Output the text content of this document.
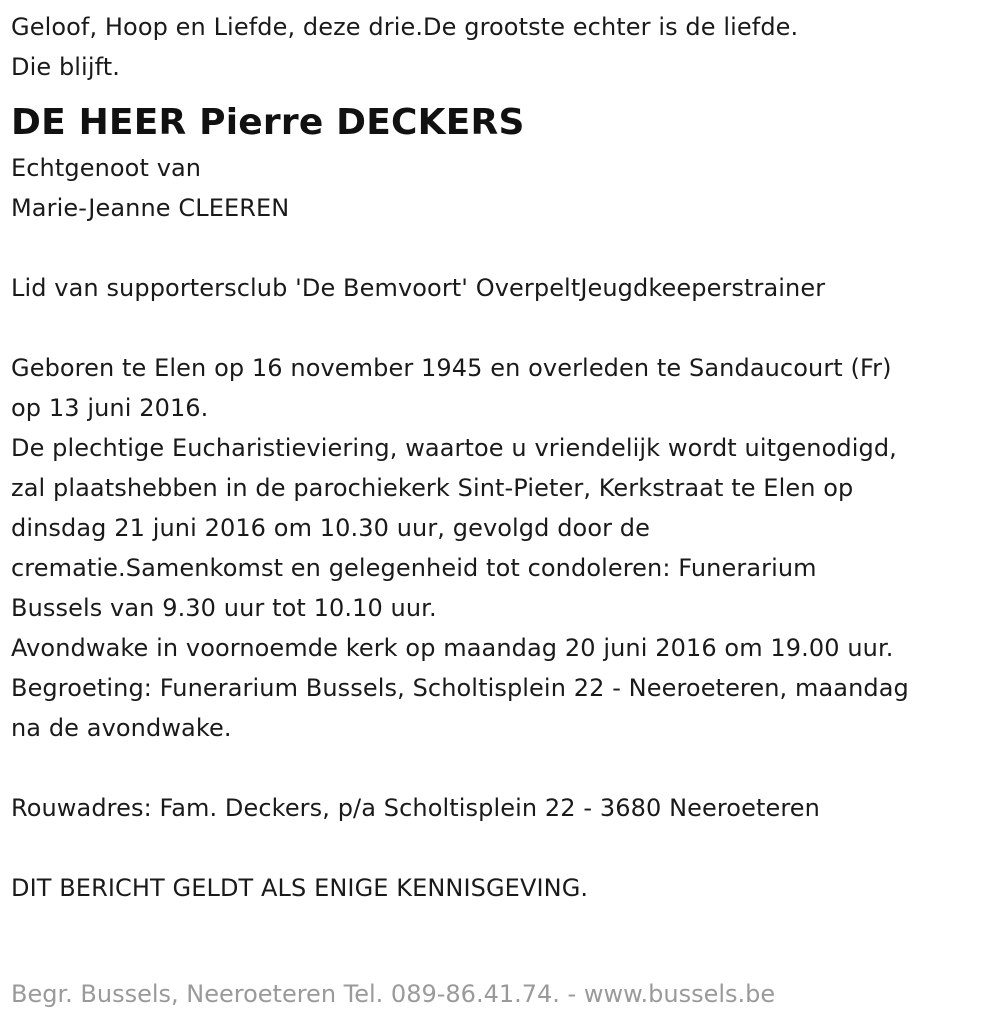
Geloof, Hoop en Liefde, deze drie.De grootste echter is de liefde.
Die blijft.
DE HEER Pierre DECKERS
Echtgenoot van
Marie-Jeanne CLEEREN
Lid van supportersclub 'De Bemvoort' OverpeltJeugdkeeperstrainer
Geboren te Elen op 16 november 1945 en overleden te Sandaucourt (Fr)
op 13 juni 2016.
De plechtige Eucharistieviering, waartoe u vriendelijk wordt uitgenodigd,
zal plaatshebben in de parochiekerk Sint-Pieter, Kerkstraat te Elen op
dinsdag 21 juni 2016 om 10.30 uur, gevolgd door de
crematie.Samenkomst en gelegenheid tot condoleren: Funerarium
Bussels van 9.30 uur tot 10.10 uur.
Avondwake in voornoemde kerk op maandag 20 juni 2016 om 19.00 uur.
Begroeting: Funerarium Bussels, Scholtisplein 22 - Neeroeteren, maandag
na de avondwake.
Rouwadres: Fam. Deckers, p/a Scholtisplein 22 - 3680 Neeroeteren
DIT BERICHT GELDT ALS ENIGE KENNISGEVING.
Begr. Bussels, Neeroeteren Tel. 089-86.41.74. - www.bussels.be
